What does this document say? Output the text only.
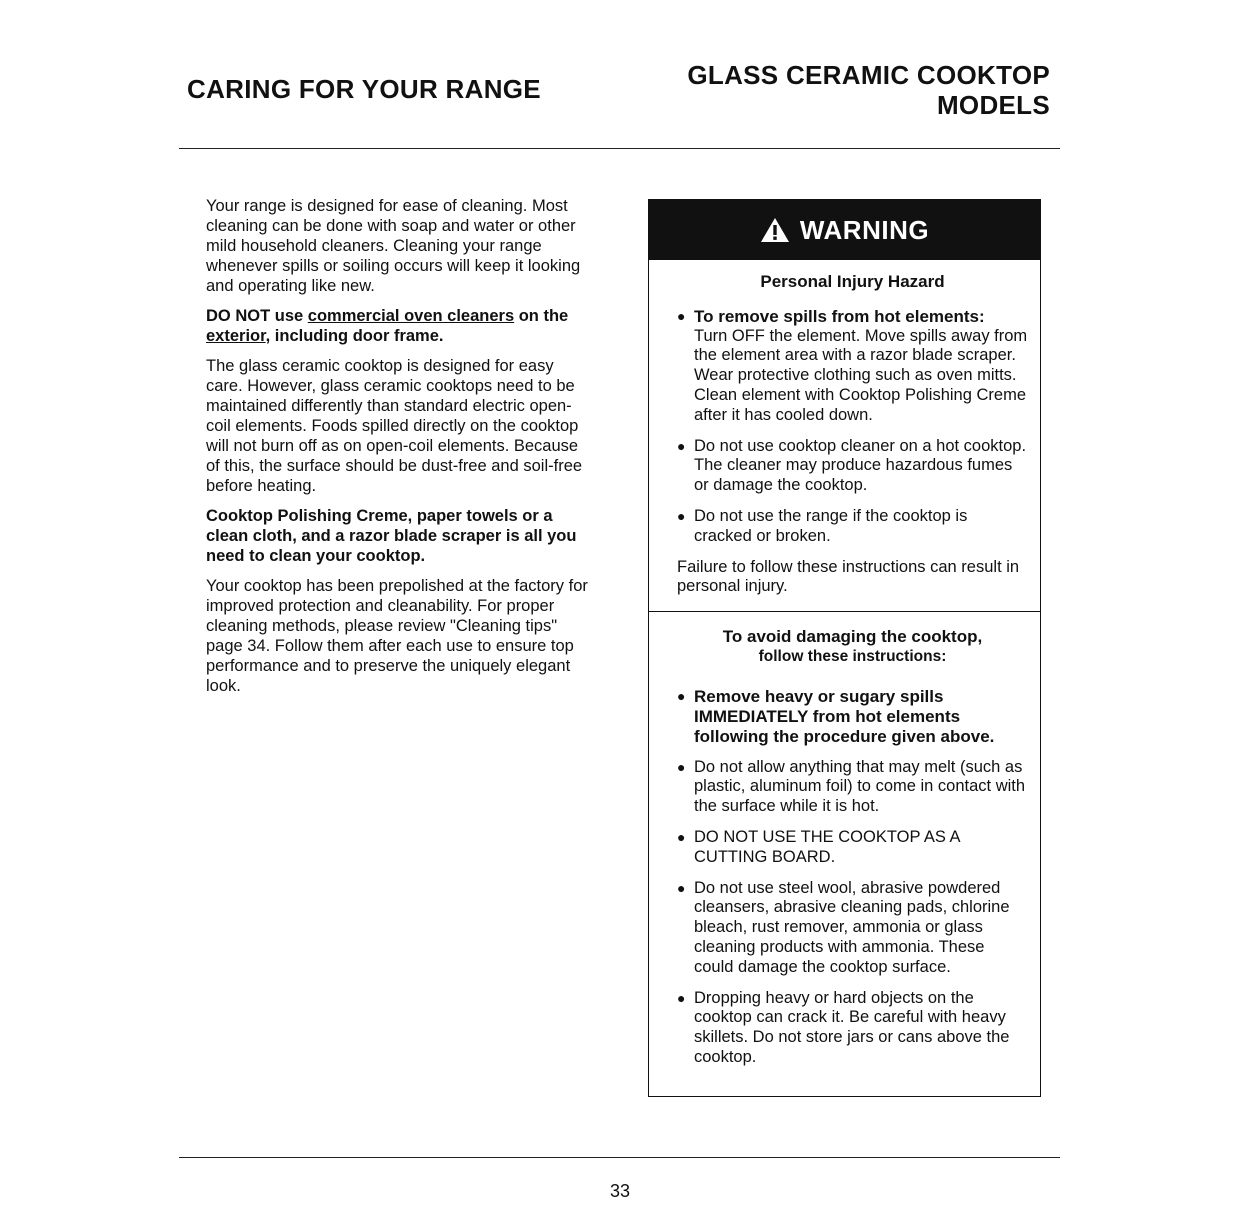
CARING FOR YOUR RANGE	GLASS CERAMIC COOKTOP
MODELS

Your range is designed for ease of cleaning. Most cleaning can be done with soap and water or other mild household cleaners. Cleaning your range whenever spills or soiling occurs will keep it looking and operating like new.

DO NOT use commercial oven cleaners on the exterior, including door frame.

The glass ceramic cooktop is designed for easy care. However, glass ceramic cooktops need to be maintained differently than standard electric open-coil elements. Foods spilled directly on the cooktop will not burn off as on open-coil elements. Because of this, the surface should be dust-free and soil-free before heating.

Cooktop Polishing Creme, paper towels or a clean cloth, and a razor blade scraper is all you need to clean your cooktop.

Your cooktop has been prepolished at the factory for improved protection and cleanability. For proper cleaning methods, please review "Cleaning tips" page 34. Follow them after each use to ensure top performance and to preserve the uniquely elegant look.

WARNING
Personal Injury Hazard
● To remove spills from hot elements:
Turn OFF the element. Move spills away from the element area with a razor blade scraper. Wear protective clothing such as oven mitts. Clean element with Cooktop Polishing Creme after it has cooled down.
● Do not use cooktop cleaner on a hot cooktop. The cleaner may produce hazardous fumes or damage the cooktop.
● Do not use the range if the cooktop is cracked or broken.

Failure to follow these instructions can result in personal injury.

To avoid damaging the cooktop,
follow these instructions:
● Remove heavy or sugary spills IMMEDIATELY from hot elements following the procedure given above.
● Do not allow anything that may melt (such as plastic, aluminum foil) to come in contact with the surface while it is hot.
● DO NOT USE THE COOKTOP AS A CUTTING BOARD.
● Do not use steel wool, abrasive powdered cleansers, abrasive cleaning pads, chlorine bleach, rust remover, ammonia or glass cleaning products with ammonia. These could damage the cooktop surface.
● Dropping heavy or hard objects on the cooktop can crack it. Be careful with heavy skillets. Do not store jars or cans above the cooktop.

33
